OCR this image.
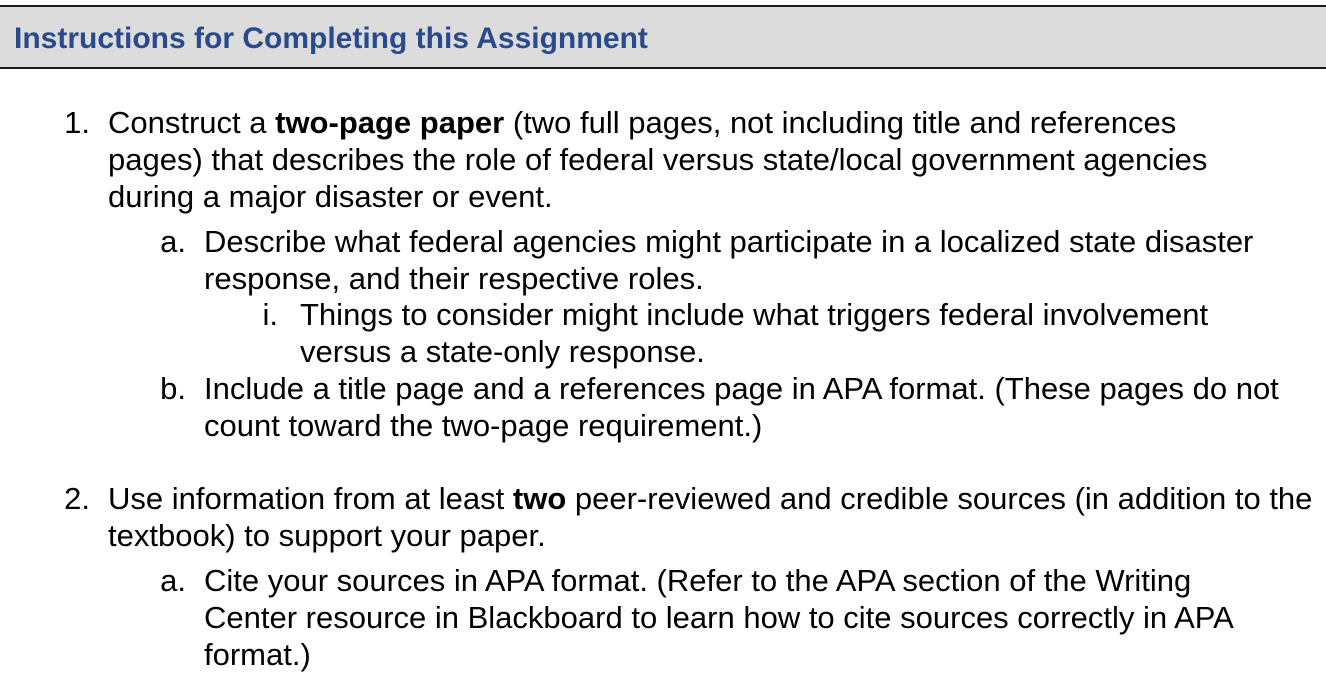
Instructions for Completing this Assignment
1. Construct a two-page paper (two full pages, not including title and references pages) that describes the role of federal versus state/local government agencies during a major disaster or event.
a. Describe what federal agencies might participate in a localized state disaster response, and their respective roles.
i. Things to consider might include what triggers federal involvement versus a state-only response.
b. Include a title page and a references page in APA format. (These pages do not count toward the two-page requirement.)
2. Use information from at least two peer-reviewed and credible sources (in addition to the textbook) to support your paper.
a. Cite your sources in APA format. (Refer to the APA section of the Writing Center resource in Blackboard to learn how to cite sources correctly in APA format.)
